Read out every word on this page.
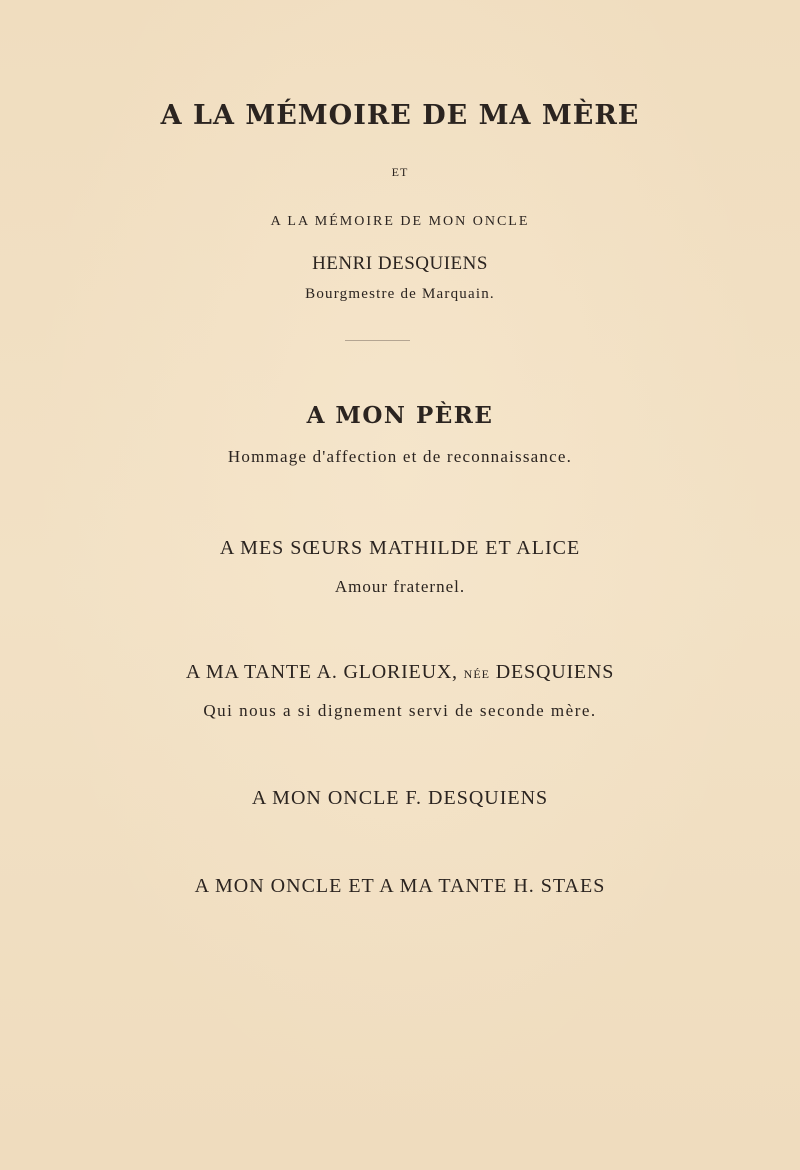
A LA MÉMOIRE DE MA MÈRE
ET
A LA MÉMOIRE DE MON ONCLE
HENRI DESQUIENS
Bourgmestre de Marquain.
A MON PÈRE
Hommage d'affection et de reconnaissance.
A MES SŒURS MATHILDE ET ALICE
Amour fraternel.
A MA TANTE A. GLORIEUX, NÉE DESQUIENS
Qui nous a si dignement servi de seconde mère.
A MON ONCLE F. DESQUIENS
A MON ONCLE ET A MA TANTE H. STAES
